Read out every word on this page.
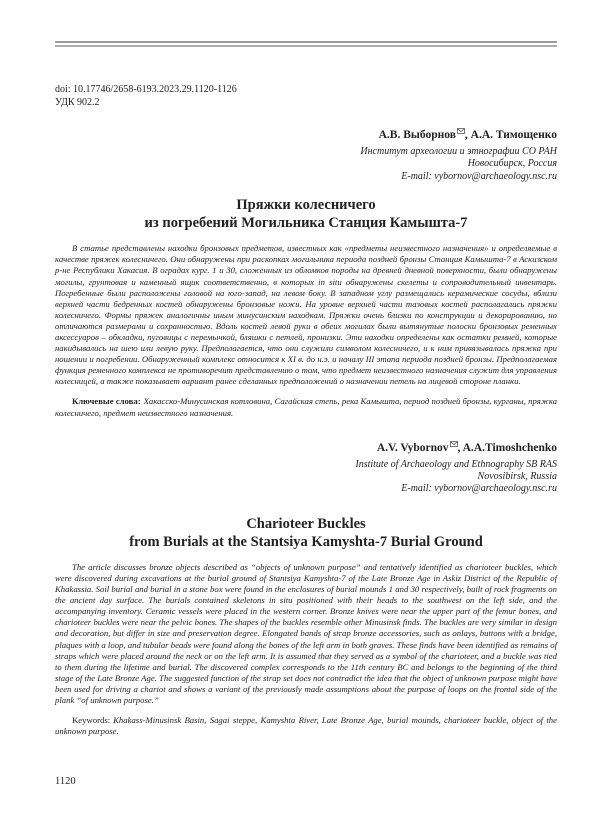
doi: 10.17746/2658-6193.2023.29.1120-1126
УДК 902.2
А.В. Выборнов , А.А. Тимощенко
Институт археологии и этнографии СО РАН
Новосибирск, Россия
E-mail: vybornov@archaeology.nsc.ru
Пряжки колесничего
из погребений Могильника Станция Камышта-7
В статье представлены находки бронзовых предметов, известных как «предметы неизвестного назначения» и определяемые в качестве пряжек колесничего. Они обнаружены при раскопках могильника периода поздней бронзы Станция Камышта-7 в Аскизском р-не Республики Хакасия. В оградах кург. 1 и 30, сложенных из обломков породы на древней дневной поверхности, были обнаружены могилы, грунтовая и каменный ящик соответственно, в которых in situ обнаружены скелеты и сопроводительный инвентарь. Погребенные были расположены головой на юго-запад, на левом боку. В западном углу размещались керамические сосуды, вблизи верхней части бедренных костей обнаружены бронзовые ножи. На уровне верхней части тазовых костей располагались пряжки колесничего. Формы пряжек аналогичны иным минусинским находкам. Пряжки очень близки по конструкции и декорированию, но отличаются размерами и сохранностью. Вдоль костей левой руки в обеих могилах были вытянутые полоски бронзовых ременных аксессуаров – обкладки, пуговицы с перемычкой, бляшки с петлей, пронизки. Эти находки определены как остатки ремней, которые накидывались на шею или левую руку. Предполагается, что они служили символом колесничего, и к ним привязывалась пряжка при ношении и погребении. Обнаруженный комплекс относится к XI в. до н.э. и началу III этапа периода поздней бронзы. Предполагаемая функция ременного комплекса не противоречит представлению о том, что предмет неизвестного назначения служит для управления колесницей, а также показывает вариант ранее сделанных предположений о назначении петель на лицевой стороне планки.
Ключевые слова: Хакасско-Минусинская котловина, Сагайская степь, река Камышта, период поздней бронзы, курганы, пряжка колесничего, предмет неизвестного назначения.
A.V. Vybornov , A.A.Timoshchenko
Institute of Archaeology and Ethnography SB RAS
Novosibirsk, Russia
E-mail: vybornov@archaeology.nsc.ru
Charioteer Buckles
from Burials at the Stantsiya Kamyshta-7 Burial Ground
The article discusses bronze objects described as “objects of unknown purpose” and tentatively identified as charioteer buckles, which were discovered during excavations at the burial ground of Stantsiya Kamyshta-7 of the Late Bronze Age in Askiz District of the Republic of Khakassia. Soil burial and burial in a stone box were found in the enclosures of burial mounds 1 and 30 respectively, built of rock fragments on the ancient day surface. The burials contained skeletons in situ positioned with their heads to the southwest on the left side, and the accompanying inventory. Ceramic vessels were placed in the western corner. Bronze knives were near the upper part of the femur bones, and charioteer buckles were near the pelvic bones. The shapes of the buckles resemble other Minusinsk finds. The buckles are very similar in design and decoration, but differ in size and preservation degree. Elongated bands of strap bronze accessories, such as onlays, buttons with a bridge, plaques with a loop, and tubular beads were found along the bones of the left arm in both graves. These finds have been identified as remains of straps which were placed around the neck or on the left arm. It is assumed that they served as a symbol of the charioteer, and a buckle was tied to them during the lifetime and burial. The discovered complex corresponds to the 11th century BC and belongs to the beginning of the third stage of the Late Bronze Age. The suggested function of the strap set does not contradict the idea that the object of unknown purpose might have been used for driving a chariot and shows a variant of the previously made assumptions about the purpose of loops on the frontal side of the plank “of unknown purpose.”
Keywords: Khakass-Minusinsk Basin, Sagai steppe, Kamyshta River, Late Bronze Age, burial mounds, charioteer buckle, object of the unknown purpose.
1120
